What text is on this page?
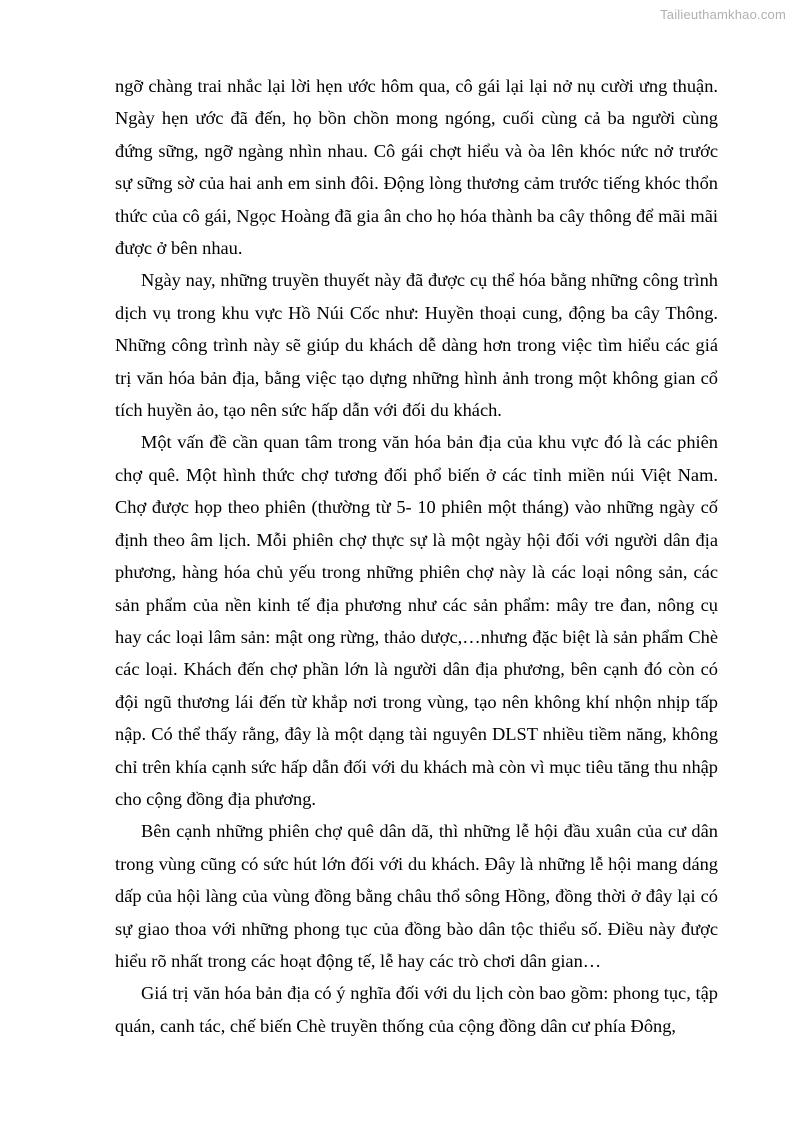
Tailieuthamkhao.com

ngỡ chàng trai nhắc lại lời hẹn ước hôm qua, cô gái lại lại nở nụ cười ưng thuận. Ngày hẹn ước đã đến, họ bồn chồn mong ngóng, cuối cùng cả ba người cùng đứng sững, ngỡ ngàng nhìn nhau. Cô gái chợt hiểu và òa lên khóc nức nở trước sự sững sờ của hai anh em sinh đôi. Động lòng thương cảm trước tiếng khóc thổn thức của cô gái, Ngọc Hoàng đã gia ân cho họ hóa thành ba cây thông để mãi mãi được ở bên nhau.

Ngày nay, những truyền thuyết này đã được cụ thể hóa bằng những công trình dịch vụ trong khu vực Hồ Núi Cốc như: Huyền thoại cung, động ba cây Thông. Những công trình này sẽ giúp du khách dễ dàng hơn trong việc tìm hiểu các giá trị văn hóa bản địa, bằng việc tạo dựng những hình ảnh trong một không gian cổ tích huyền ảo, tạo nên sức hấp dẫn với đối du khách.

Một vấn đề cần quan tâm trong văn hóa bản địa của khu vực đó là các phiên chợ quê. Một hình thức chợ tương đối phổ biến ở các tỉnh miền núi Việt Nam. Chợ được họp theo phiên (thường từ 5- 10 phiên một tháng) vào những ngày cố định theo âm lịch. Mỗi phiên chợ thực sự là một ngày hội đối với người dân địa phương, hàng hóa chủ yếu trong những phiên chợ này là các loại nông sản, các sản phẩm của nền kinh tế địa phương như các sản phẩm: mây tre đan, nông cụ hay các loại lâm sản: mật ong rừng, thảo dược,…nhưng đặc biệt là sản phẩm Chè các loại. Khách đến chợ phần lớn là người dân địa phương, bên cạnh đó còn có đội ngũ thương lái đến từ khắp nơi trong vùng, tạo nên không khí nhộn nhịp tấp nập. Có thể thấy rằng, đây là một dạng tài nguyên DLST nhiều tiềm năng, không chỉ trên khía cạnh sức hấp dẫn đối với du khách mà còn vì mục tiêu tăng thu nhập cho cộng đồng địa phương.

Bên cạnh những phiên chợ quê dân dã, thì những lễ hội đầu xuân của cư dân trong vùng cũng có sức hút lớn đối với du khách. Đây là những lễ hội mang dáng dấp của hội làng của vùng đồng bằng châu thổ sông Hồng, đồng thời ở đây lại có sự giao thoa với những phong tục của đồng bào dân tộc thiểu số. Điều này được hiểu rõ nhất trong các hoạt động tế, lễ hay các trò chơi dân gian…

Giá trị văn hóa bản địa có ý nghĩa đối với du lịch còn bao gồm: phong tục, tập quán, canh tác, chế biến Chè truyền thống của cộng đồng dân cư phía Đông,
